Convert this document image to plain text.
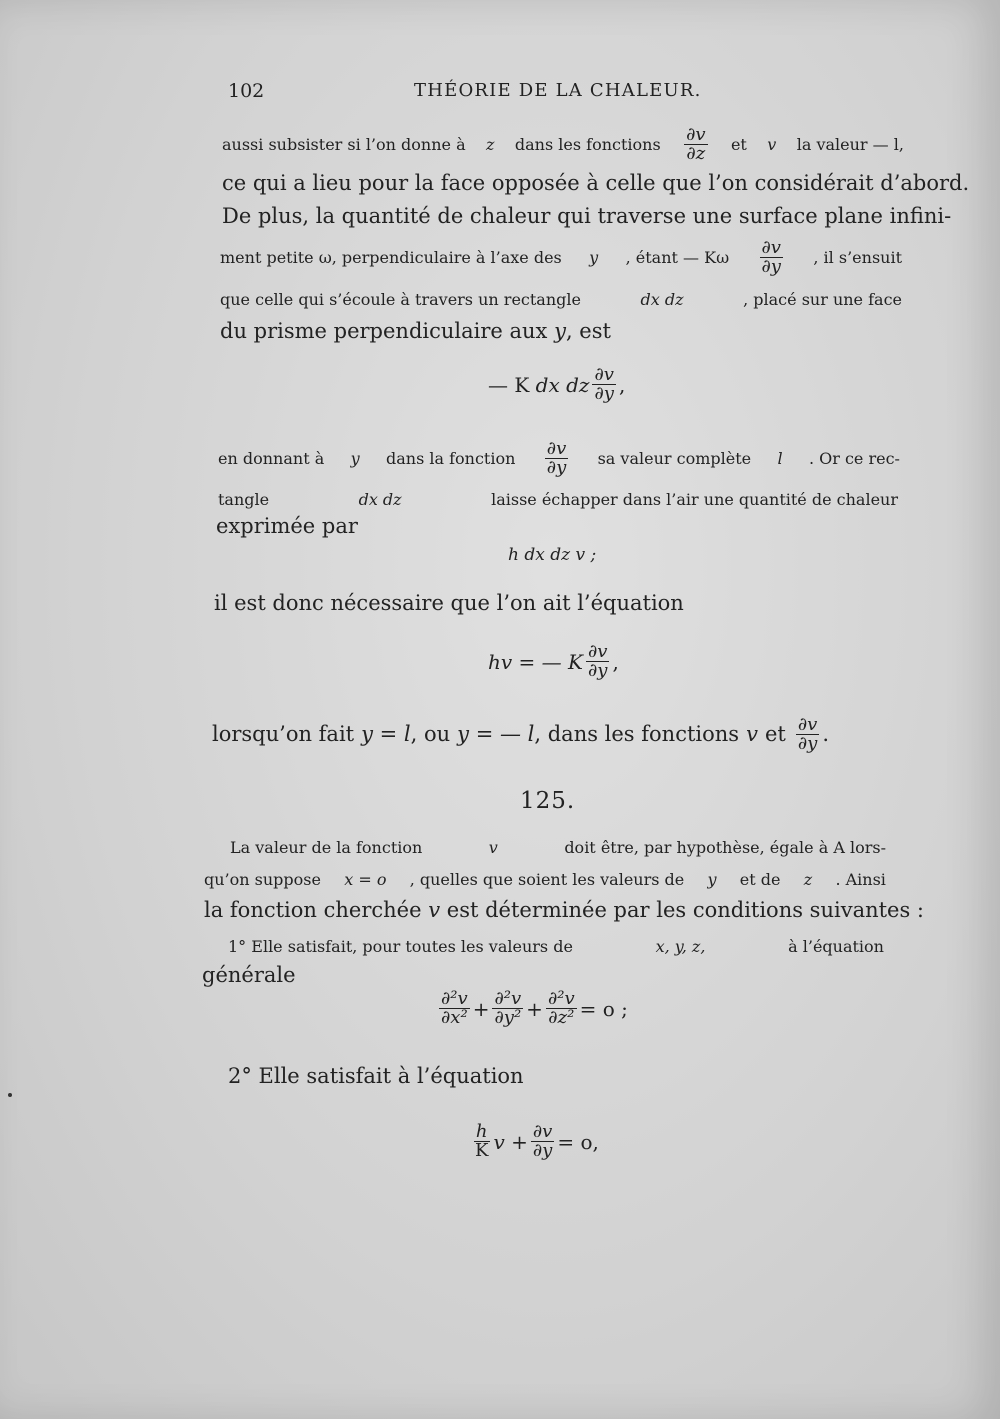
102	THÉORIE DE LA CHALEUR.
aussi subsister si l’on donne à z dans les fonctions $\frac{\partial v}{\partial z}$ et v la valeur — l,
ce qui a lieu pour la face opposée à celle que l’on considérait d’abord.
De plus, la quantité de chaleur qui traverse une surface plane infini-
ment petite ω, perpendiculaire à l’axe des y , étant — Kω $\frac{\partial v}{\partial y}$ , il s’ensuit
que celle qui s’écoule à travers un rectangle	dx dz	, placé sur une face
du prisme perpendiculaire aux y, est
— K
dx dz $\frac{\partial v}{\partial y}$ ,
en donnant à y dans la fonction $\frac{\partial v}{\partial y}$ sa valeur complète l . Or ce rec-
tangle	dx dz	laisse échapper dans l’air une quantité de chaleur
exprimée par
h dx dz v ;
il est donc nécessaire que l’on ait l’équation
hv = — K $\frac{\partial v}{\partial y}$ ,
lorsqu’on fait y = l , ou y = — l , dans les fonctions v et $\frac{\partial v}{\partial y}$ .
125.
La valeur de la fonction	v	doit être, par hypothèse, égale à A lors-
qu’on suppose x = o , quelles que soient les valeurs de y et de z . Ainsi
la fonction cherchée v est déterminée par les conditions suivantes :
1° Elle satisfait, pour toutes les valeurs de	x, y, z,	à l’équation
générale
$\frac{\text{∂²v}}{\text{∂x²}} + \frac{\text{∂²v}}{\text{∂y²}} + \frac{\text{∂²v}}{\text{∂z²}} = o$ ;
2° Elle satisfait à l’équation
$\frac{h}{K}$ $v + \frac{\partial v}{\partial y} = o$,
